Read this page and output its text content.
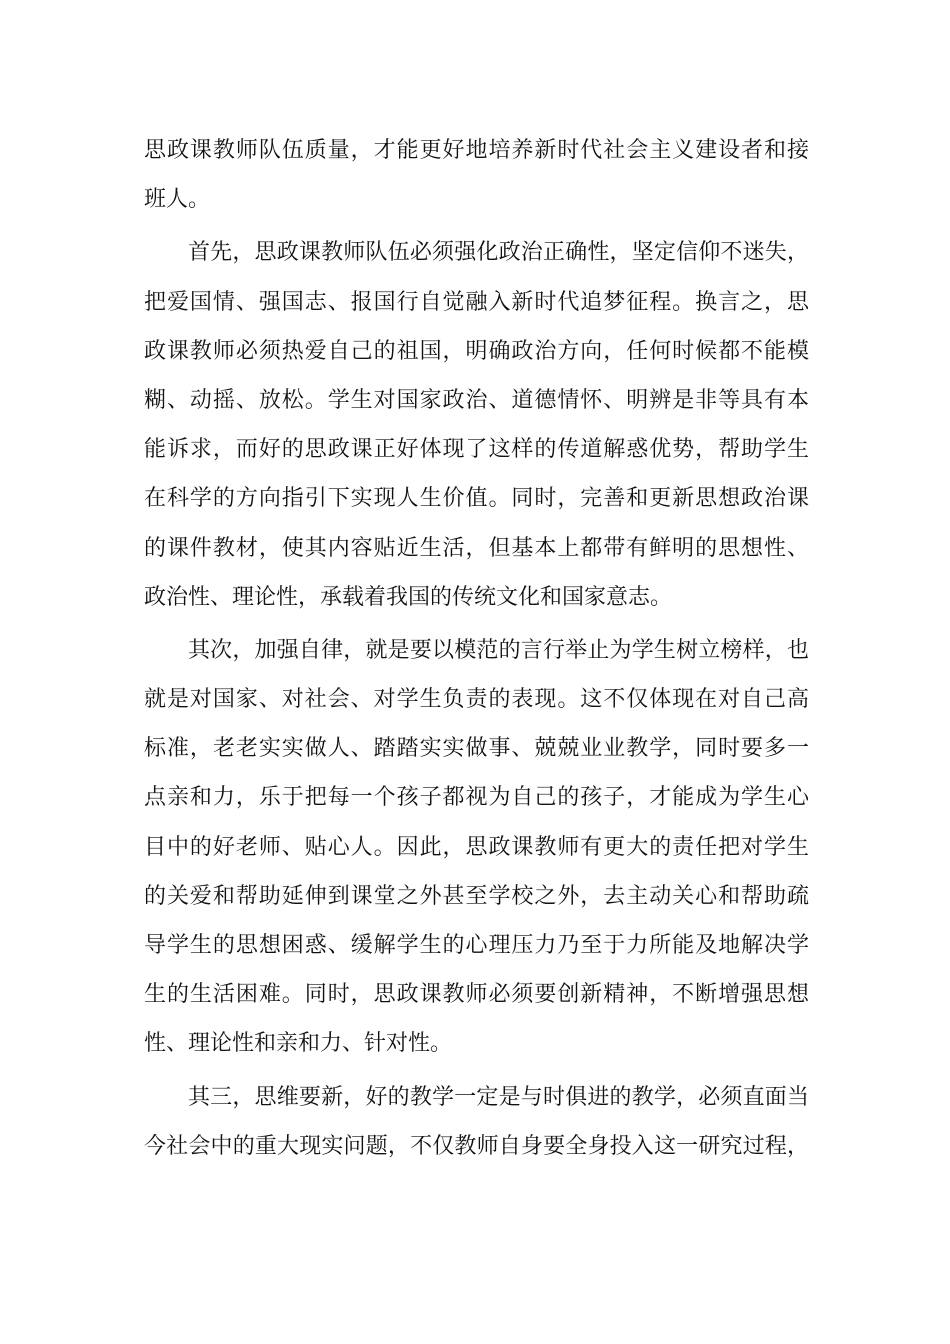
思政课教师队伍质量，才能更好地培养新时代社会主义建设者和接
班人。
首先，思政课教师队伍必须强化政治正确性，坚定信仰不迷失，
把爱国情、强国志、报国行自觉融入新时代追梦征程。换言之，思
政课教师必须热爱自己的祖国，明确政治方向，任何时候都不能模
糊、动摇、放松。学生对国家政治、道德情怀、明辨是非等具有本
能诉求，而好的思政课正好体现了这样的传道解惑优势，帮助学生
在科学的方向指引下实现人生价值。同时，完善和更新思想政治课
的课件教材，使其内容贴近生活，但基本上都带有鲜明的思想性、
政治性、理论性，承载着我国的传统文化和国家意志。
其次，加强自律，就是要以模范的言行举止为学生树立榜样，也
就是对国家、对社会、对学生负责的表现。这不仅体现在对自己高
标准，老老实实做人、踏踏实实做事、兢兢业业教学，同时要多一
点亲和力，乐于把每一个孩子都视为自己的孩子，才能成为学生心
目中的好老师、贴心人。因此，思政课教师有更大的责任把对学生
的关爱和帮助延伸到课堂之外甚至学校之外，去主动关心和帮助疏
导学生的思想困惑、缓解学生的心理压力乃至于力所能及地解决学
生的生活困难。同时，思政课教师必须要创新精神，不断增强思想
性、理论性和亲和力、针对性。
其三，思维要新，好的教学一定是与时俱进的教学，必须直面当
今社会中的重大现实问题，不仅教师自身要全身投入这一研究过程，
